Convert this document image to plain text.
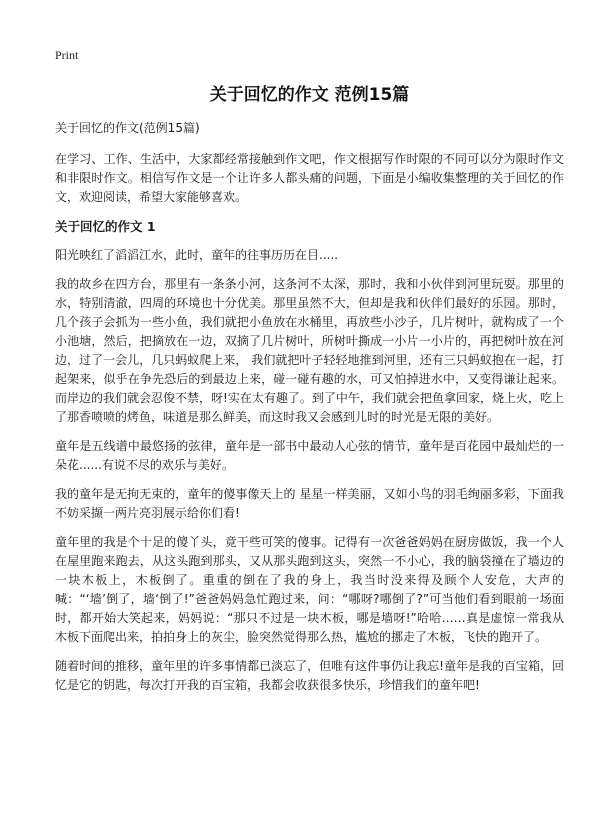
Print
关于回忆的作文 范例15篇
关于回忆的作文(范例15篇)
在学习、工作、生活中，大家都经常接触到作文吧，作文根据写作时限的不同可以分为限时作文和非限时作文。相信写作文是一个让许多人都头痛的问题，下面是小编收集整理的关于回忆的作文，欢迎阅读，希望大家能够喜欢。
关于回忆的作文 1
阳光映红了滔滔江水，此时，童年的往事历历在目.....
我的故乡在四方台，那里有一条条小河，这条河不太深，那时，我和小伙伴到河里玩耍。那里的水，特别清澈，四周的环境也十分优美。那里虽然不大，但却是我和伙伴们最好的乐园。那时，几个孩子会抓为一些小鱼，我们就把小鱼放在水桶里，再放些小沙子，几片树叶，就构成了一个小池塘，然后，把摘放在一边，双摘了几片树叶，所树叶撕成一小片一小片的，再把树叶放在河边，过了一会儿，几只蚂蚁爬上来， 我们就把叶子轻轻地推到河里，还有三只蚂蚁抱在一起，打起架来，似乎在争先恐后的到最边上来，碰一碰有趣的水，可又怕掉进水中，又变得谦让起来。而岸边的我们就会忍俊不禁，呀!实在太有趣了。到了中午，我们就会把鱼拿回家，烧上火，吃上了那香喷喷的烤鱼，味道是那么鲜美，而这时我又会感到儿时的时光是无限的美好。
童年是五线谱中最悠扬的弦律，童年是一部书中最动人心弦的情节，童年是百花园中最灿烂的一朵花......有说不尽的欢乐与美好。
我的童年是无拘无束的，童年的傻事像天上的 星星一样美丽，又如小鸟的羽毛绚丽多彩，下面我不妨采撷一两片亮羽展示给你们看!
童年里的我是个十足的傻丫头，竟干些可笑的傻事。记得有一次爸爸妈妈在厨房做饭，我一个人在屋里跑来跑去，从这头跑到那头，又从那头跑到这头，突然一不小心，我的脑袋撞在了墙边的一块木板上，木板倒了。重重的倒在了我的身上，我当时没来得及顾个人安危，大声的喊：“‘墙’倒了，墙‘倒了!”爸爸妈妈急忙跑过来，问：“哪呀?哪倒了?”可当他们看到眼前一场面时，都开始大笑起来，妈妈说：“那只不过是一块木板，哪是墙呀!”哈哈……真是虚惊一常我从木板下面爬出来，拍拍身上的灰尘，脸突然觉得那么热，尴尬的挪走了木板，飞快的跑开了。
随着时间的推移，童年里的许多事情都已淡忘了，但唯有这件事仍让我忘!童年是我的百宝箱，回忆是它的钥匙，每次打开我的百宝箱，我都会收获很多快乐，珍惜我们的童年吧!
